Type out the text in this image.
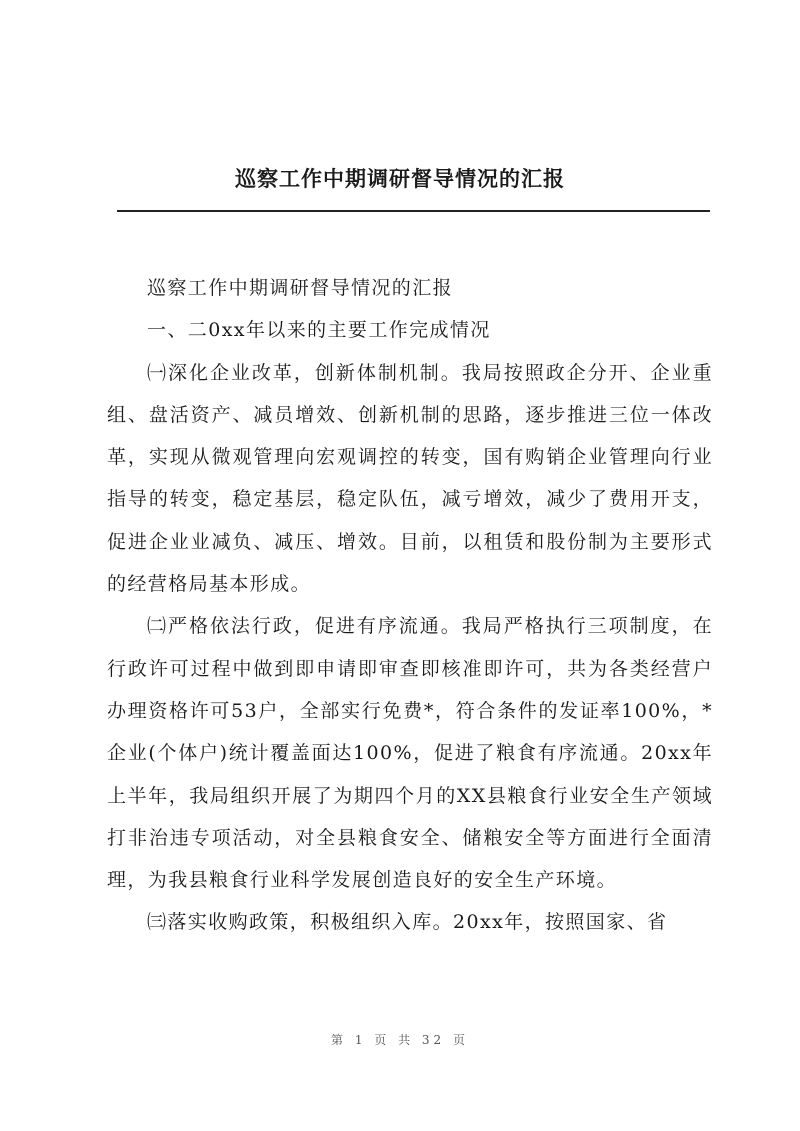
巡察工作中期调研督导情况的汇报

巡察工作中期调研督导情况的汇报

一、二0xx年以来的主要工作完成情况

㈠深化企业改革，创新体制机制。我局按照政企分开、企业重组、盘活资产、减员增效、创新机制的思路，逐步推进三位一体改革，实现从微观管理向宏观调控的转变，国有购销企业管理向行业指导的转变，稳定基层，稳定队伍，减亏增效，减少了费用开支，促进企业业减负、减压、增效。目前，以租赁和股份制为主要形式的经营格局基本形成。

㈡严格依法行政，促进有序流通。我局严格执行三项制度，在行政许可过程中做到即申请即审查即核准即许可，共为各类经营户办理资格许可53户，全部实行免费*，符合条件的发证率100%，*企业(个体户)统计覆盖面达100%，促进了粮食有序流通。20xx年上半年，我局组织开展了为期四个月的XX县粮食行业安全生产领域打非治违专项活动，对全县粮食安全、储粮安全等方面进行全面清理，为我县粮食行业科学发展创造良好的安全生产环境。

㈢落实收购政策，积极组织入库。20xx年，按照国家、省

第 1 页 共 32 页
